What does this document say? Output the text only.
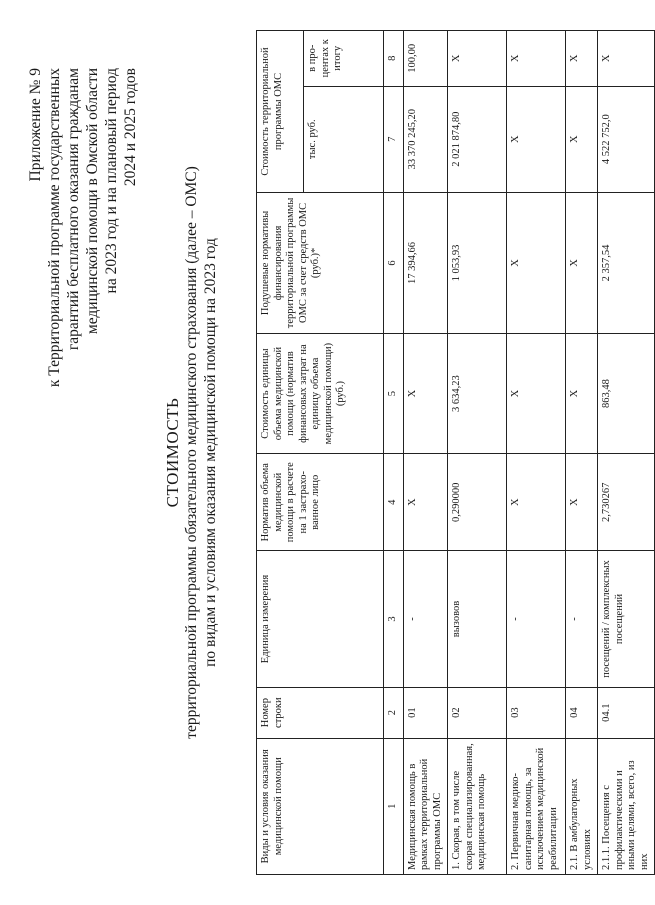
Приложение № 9 к Территориальной программе государственных гарантий бесплатного оказания гражданам медицинской помощи в Омской области на 2023 год и на плановый период 2024 и 2025 годов
СТОИМОСТЬ территориальной программы обязательного медицинского страхования (далее – ОМС) по видам и условиям оказания медицинской помощи на 2023 год
Виды и условия оказания медицинской помощи	Номер строки	Единица измерения	Норматив объема медицинской помощи в расчете на 1 застрахо-ванное лицо	Стоимость единицы объема медицинской помощи (норматив финансовых затрат на единицу объема медицинской помощи) (руб.)	Подушевые нормативы финансирования территориальной программы ОМС за счет средств ОМС (руб.)*	Стоимость территориальной программы ОМС	
						тыс. руб.	в про-центах к итогу
1	2	3	4	5	6	7	8
Медицинская помощь в рамках территориальной программы ОМС	01	-	X	X	17 394,66	33 370 245,20	100,00
1. Скорая, в том числе скорая специализированная, медицинская помощь	02	вызовов	0,290000	3 634,23	1 053,93	2 021 874,80	X
2. Первичная медико-санитарная помощь, за исключением медицинской реабилитации	03	-	X	X	X	X	X
2.1. В амбулаторных условиях	04	-	X	X	X	X	X
2.1.1. Посещения с профилактическими и иными целями, всего, из них	04.1	посещений / комплексных посещений	2,730267	863,48	2 357,54	4 522 752,0	X
